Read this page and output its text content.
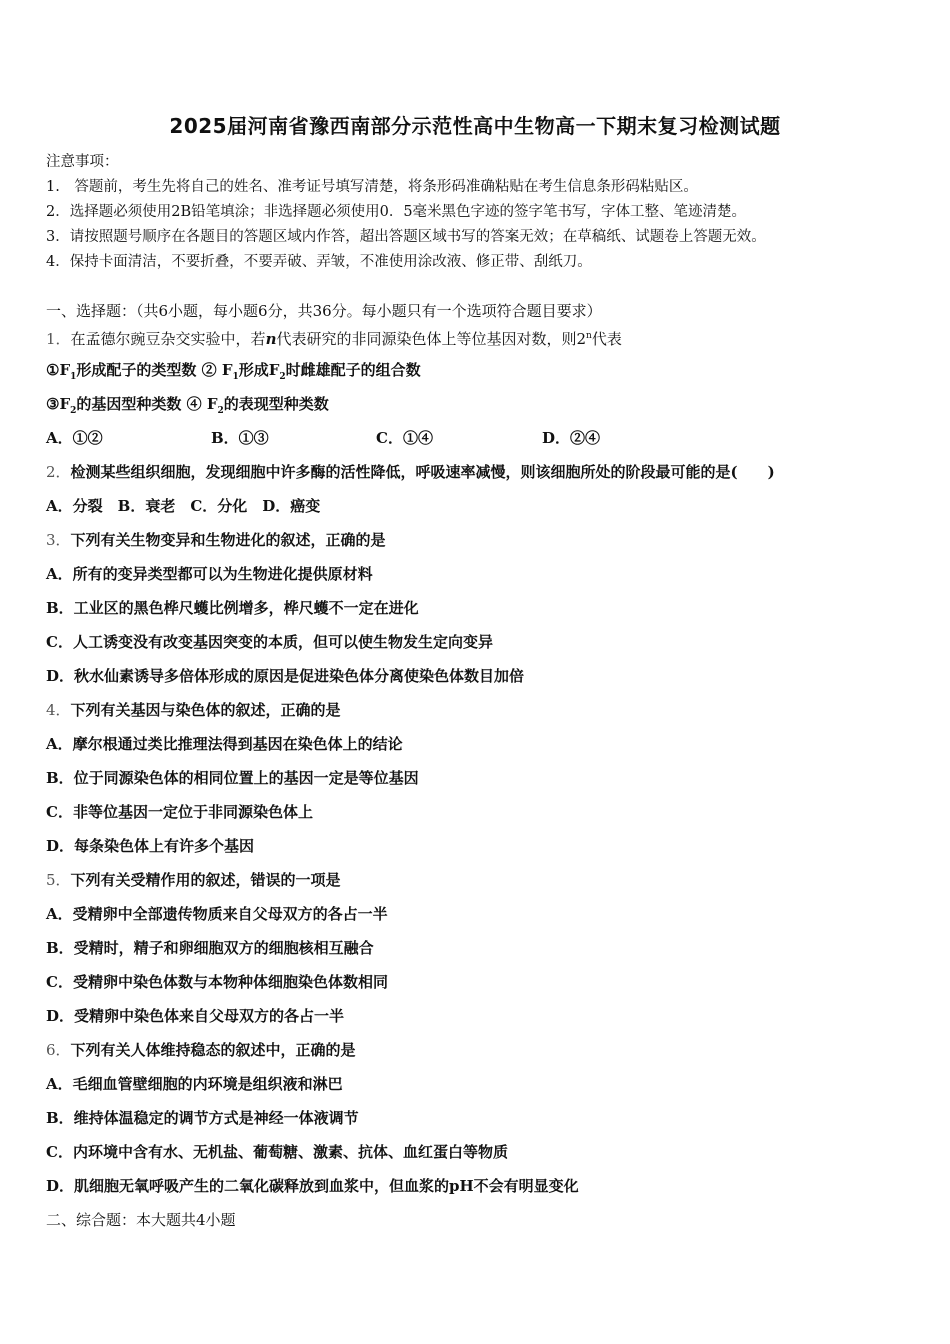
2025届河南省豫西南部分示范性高中生物高一下期末复习检测试题
注意事项：
1.　答题前，考生先将自己的姓名、准考证号填写清楚，将条形码准确粘贴在考生信息条形码粘贴区。
2．选择题必须使用2B铅笔填涂；非选择题必须使用0．5毫米黑色字迹的签字笔书写，字体工整、笔迹清楚。
3．请按照题号顺序在各题目的答题区域内作答，超出答题区域书写的答案无效；在草稿纸、试题卷上答题无效。
4．保持卡面清洁，不要折叠，不要弄破、弄皱，不准使用涂改液、修正带、刮纸刀。
一、选择题：（共6小题，每小题6分，共36分。每小题只有一个选项符合题目要求）
1．在孟德尔豌豆杂交实验中，若n代表研究的非同源染色体上等位基因对数，则2$^n$代表
$①F_1$形成配子的类型数 ② $F_1$形成$F_2$时雌雄配子的组合数
$③F_2$的基因型种类数 ④ $F_2$的表现型种类数
A．①②	B．①③	C．①④	D．②④
2．检测某些组织细胞，发现细胞中许多酶的活性降低，呼吸速率减慢，则该细胞所处的阶段最可能的是(　　)
A．分裂　B．衰老　C．分化　D．癌变
3．下列有关生物变异和生物进化的叙述，正确的是
A．所有的变异类型都可以为生物进化提供原材料
B．工业区的黑色桦尺蠖比例增多，桦尺蠖不一定在进化
C．人工诱变没有改变基因突变的本质，但可以使生物发生定向变异
D．秋水仙素诱导多倍体形成的原因是促进染色体分离使染色体数目加倍
4．下列有关基因与染色体的叙述，正确的是
A．摩尔根通过类比推理法得到基因在染色体上的结论
B．位于同源染色体的相同位置上的基因一定是等位基因
C．非等位基因一定位于非同源染色体上
D．每条染色体上有许多个基因
5．下列有关受精作用的叙述，错误的一项是
A．受精卵中全部遗传物质来自父母双方的各占一半
B．受精时，精子和卵细胞双方的细胞核相互融合
C．受精卵中染色体数与本物种体细胞染色体数相同
D．受精卵中染色体来自父母双方的各占一半
6．下列有关人体维持稳态的叙述中，正确的是
A．毛细血管壁细胞的内环境是组织液和淋巴
B．维持体温稳定的调节方式是神经一体液调节
C．内环境中含有水、无机盐、葡萄糖、激素、抗体、血红蛋白等物质
D．肌细胞无氧呼吸产生的二氧化碳释放到血浆中，但血浆的pH不会有明显变化
二、综合题：本大题共4小题
